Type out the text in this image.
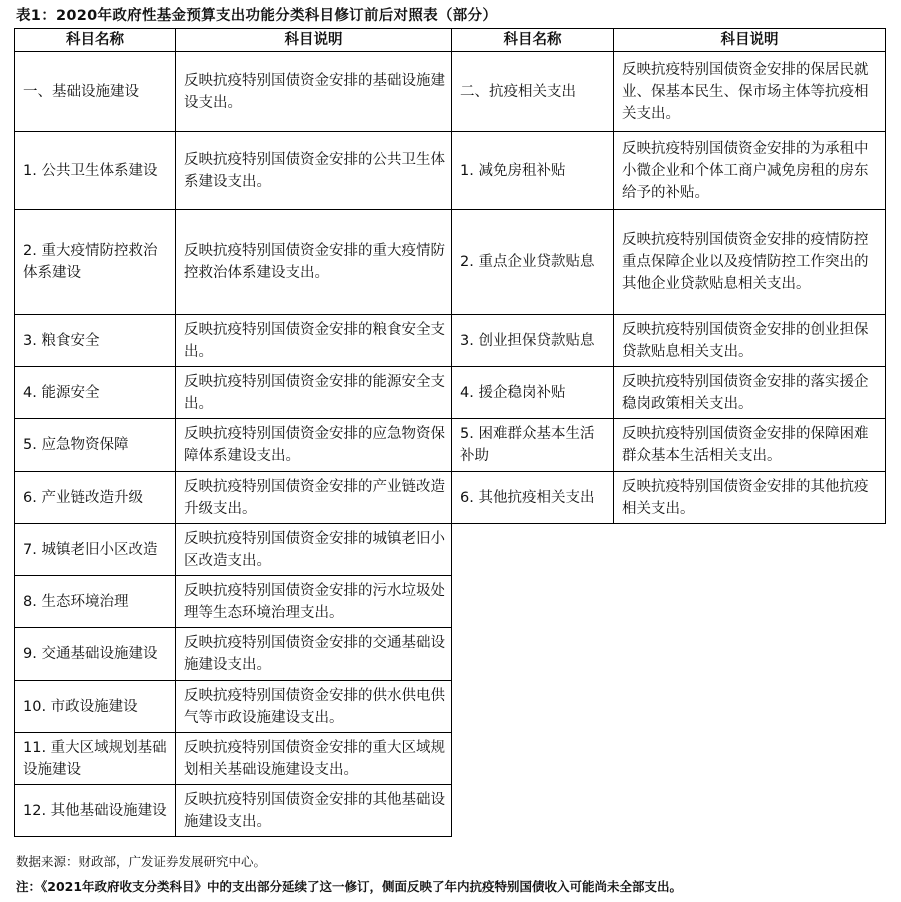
表1：2020年政府性基金预算支出功能分类科目修订前后对照表（部分）
科目名称	科目说明	科目名称	科目说明
一、基础设施建设	反映抗疫特别国债资金安排的基础设施建设支出。	二、抗疫相关支出	反映抗疫特别国债资金安排的保居民就业、保基本民生、保市场主体等抗疫相关支出。
1. 公共卫生体系建设	反映抗疫特别国债资金安排的公共卫生体系建设支出。	1. 减免房租补贴	反映抗疫特别国债资金安排的为承租中小微企业和个体工商户减免房租的房东给予的补贴。
2. 重大疫情防控救治体系建设	反映抗疫特别国债资金安排的重大疫情防控救治体系建设支出。	2. 重点企业贷款贴息	反映抗疫特别国债资金安排的疫情防控重点保障企业以及疫情防控工作突出的其他企业贷款贴息相关支出。
3. 粮食安全	反映抗疫特别国债资金安排的粮食安全支出。	3. 创业担保贷款贴息	反映抗疫特别国债资金安排的创业担保贷款贴息相关支出。
4. 能源安全	反映抗疫特别国债资金安排的能源安全支出。	4. 援企稳岗补贴	反映抗疫特别国债资金安排的落实援企稳岗政策相关支出。
5. 应急物资保障	反映抗疫特别国债资金安排的应急物资保障体系建设支出。	5. 困难群众基本生活补助	反映抗疫特别国债资金安排的保障困难群众基本生活相关支出。
6. 产业链改造升级	反映抗疫特别国债资金安排的产业链改造升级支出。	6. 其他抗疫相关支出	反映抗疫特别国债资金安排的其他抗疫相关支出。
7. 城镇老旧小区改造	反映抗疫特别国债资金安排的城镇老旧小区改造支出。		
8. 生态环境治理	反映抗疫特别国债资金安排的污水垃圾处理等生态环境治理支出。		
9. 交通基础设施建设	反映抗疫特别国债资金安排的交通基础设施建设支出。		
10. 市政设施建设	反映抗疫特别国债资金安排的供水供电供气等市政设施建设支出。		
11. 重大区域规划基础设施建设	反映抗疫特别国债资金安排的重大区域规划相关基础设施建设支出。		
12. 其他基础设施建设	反映抗疫特别国债资金安排的其他基础设施建设支出。		
数据来源：财政部，广发证券发展研究中心。
注：《2021年政府收支分类科目》中的支出部分延续了这一修订，侧面反映了年内抗疫特别国债收入可能尚未全部支出。
